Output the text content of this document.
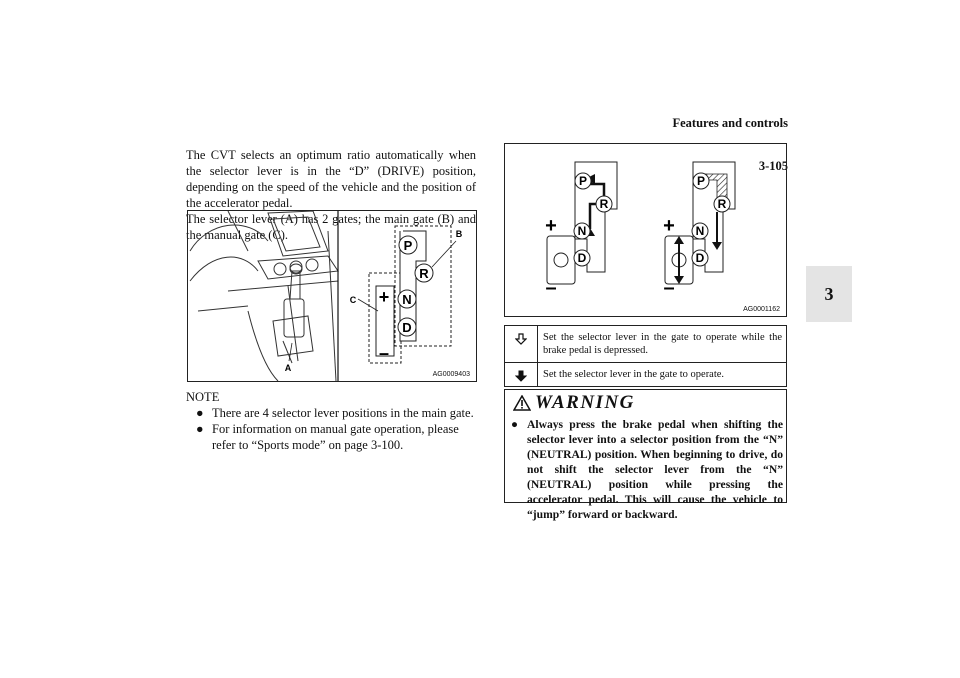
Features and controls
3
3-105

The CVT selects an optimum ratio automatically when the selector lever is in the “D” (DRIVE) position, depending on the speed of the vehicle and the position of the accelerator pedal.

The selector lever (A) has 2 gates; the main gate (B) and the manual gate (C).

P
R
N
D
+
–
B
C
A
AG0009403
NOTE
● There are 4 selector lever positions in the main gate.
● For information on manual gate operation, please refer to “Sports mode” on page 3-100.
P
R
N
D
+
–
P
R
N
D
+
–
AG0001162
Set the selector lever in the gate to operate while the brake pedal is depressed.
Set the selector lever in the gate to operate.
WARNING
● Always press the brake pedal when shifting the selector lever into a selector position from the “N” (NEUTRAL) position. When beginning to drive, do not shift the selector lever from the “N” (NEUTRAL) position while pressing the accelerator pedal. This will cause the vehicle to “jump” forward or backward.
